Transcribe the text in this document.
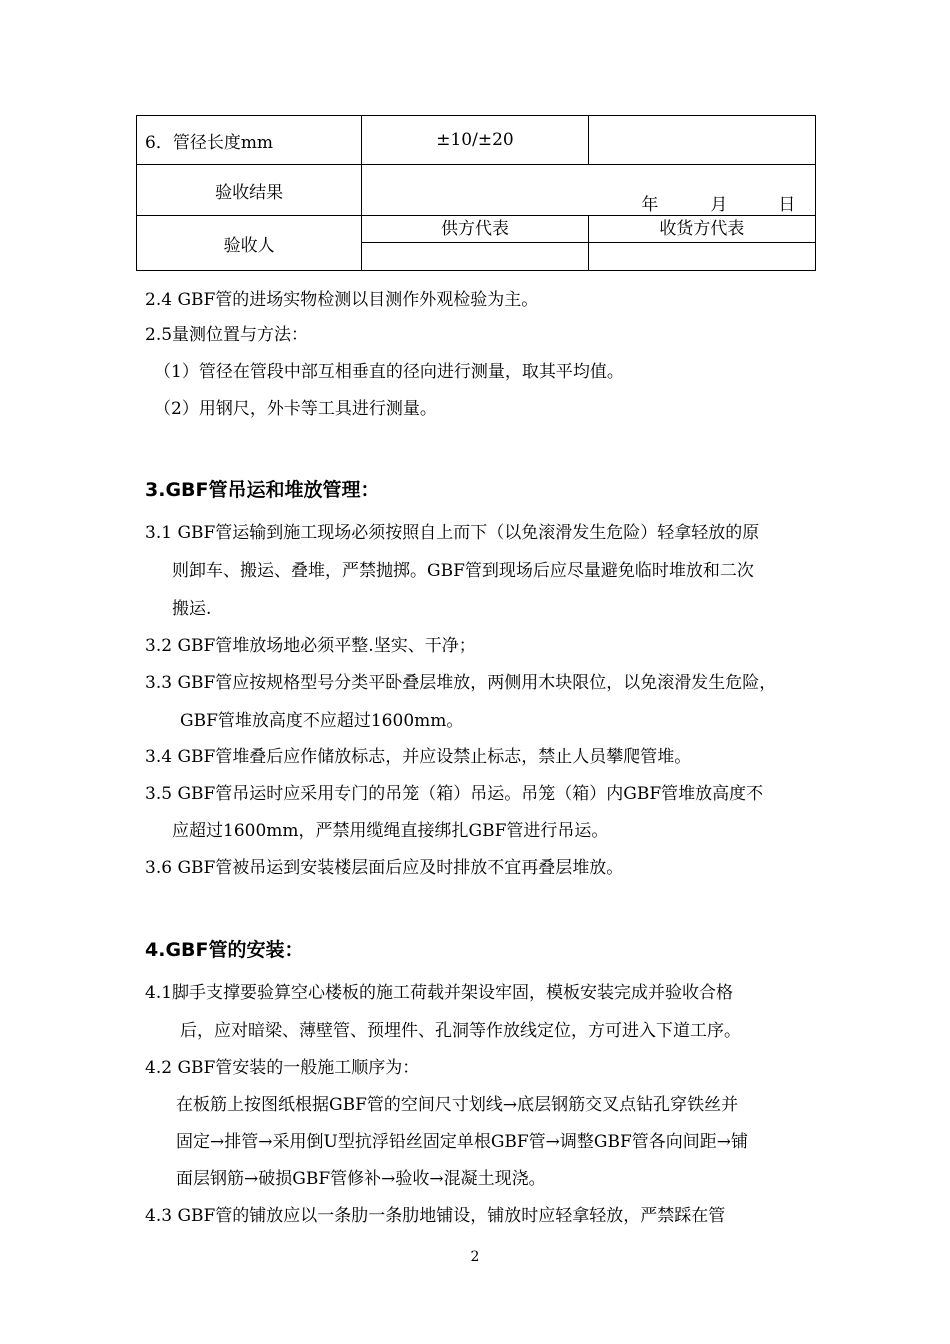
6．管径长度mm	±10/±20	
验收结果	年 月 日	

验收人	供方代表	收货方代表
2.4 GBF管的进场实物检测以目测作外观检验为主。
2.5量测位置与方法：
（1）管径在管段中部互相垂直的径向进行测量，取其平均值。
（2）用钢尺，外卡等工具进行测量。
3.GBF管吊运和堆放管理：
3.1 GBF管运输到施工现场必须按照自上而下（以免滚滑发生危险）轻拿轻放的原
则卸车、搬运、叠堆，严禁抛掷。GBF管到现场后应尽量避免临时堆放和二次
搬运.
3.2 GBF管堆放场地必须平整.坚实、干净；
3.3 GBF管应按规格型号分类平卧叠层堆放，两侧用木块限位，以免滚滑发生危险，
GBF管堆放高度不应超过1600mm。
3.4 GBF管堆叠后应作储放标志，并应设禁止标志，禁止人员攀爬管堆。
3.5 GBF管吊运时应采用专门的吊笼（箱）吊运。吊笼（箱）内GBF管堆放高度不
应超过1600mm，严禁用缆绳直接绑扎GBF管进行吊运。
3.6 GBF管被吊运到安装楼层面后应及时排放不宜再叠层堆放。
4.GBF管的安装：
4.1脚手支撑要验算空心楼板的施工荷载并架设牢固，模板安装完成并验收合格
后，应对暗梁、薄壁管、预埋件、孔洞等作放线定位，方可进入下道工序。
4.2 GBF管安装的一般施工顺序为：
在板筋上按图纸根据GBF管的空间尺寸划线→底层钢筋交叉点钻孔穿铁丝并
固定→排管→采用倒U型抗浮铅丝固定单根GBF管→调整GBF管各向间距→铺
面层钢筋→破损GBF管修补→验收→混凝土现浇。
4.3 GBF管的铺放应以一条肋一条肋地铺设，铺放时应轻拿轻放，严禁踩在管
2
